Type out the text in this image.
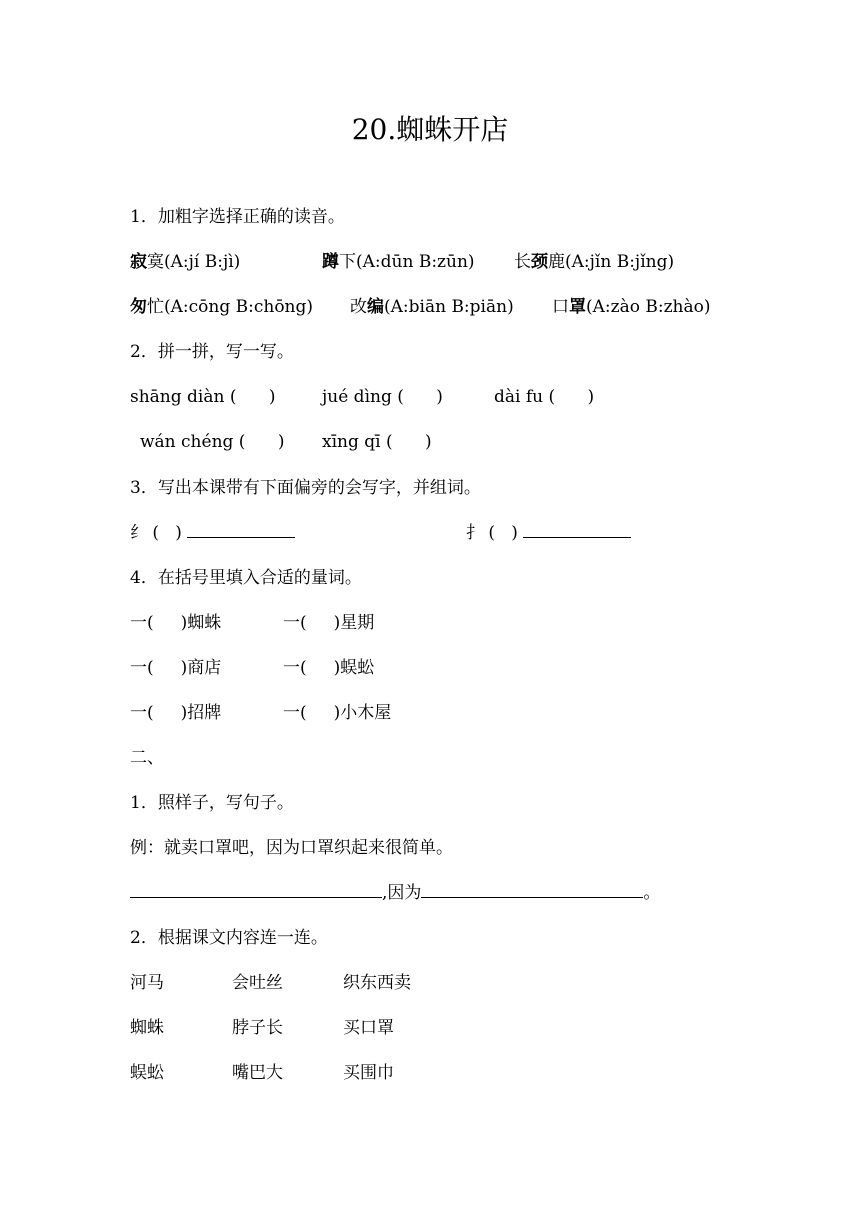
20.蜘蛛开店
1．加粗字选择正确的读音。
寂寞(A:jí B:jì)	蹲下(A:dūn B:zūn) 长颈鹿(A:jǐn B:jǐng)
匆忙(A:cōng B:chōng) 改编(A:biān B:piān) 口罩(A:zào B:zhào)
2．拼一拼，写一写。
shāng diàn (      )	jué dìng (      )	dài fu (      )
wán chéng (      ) xīng qī (      )
3．写出本课带有下面偏旁的会写字，并组词。
纟 (   )	扌 (   )
4．在括号里填入合适的量词。
一(     )蜘蛛	一(     )星期
一(     )商店	一(     )蜈蚣
一(     )招牌	一(     )小木屋
二、
1．照样子，写句子。
例：就卖口罩吧，因为口罩织起来很简单。
,因为	。
2．根据课文内容连一连。
河马	会吐丝	织东西卖
蜘蛛	脖子长	买口罩
蜈蚣	嘴巴大	买围巾
